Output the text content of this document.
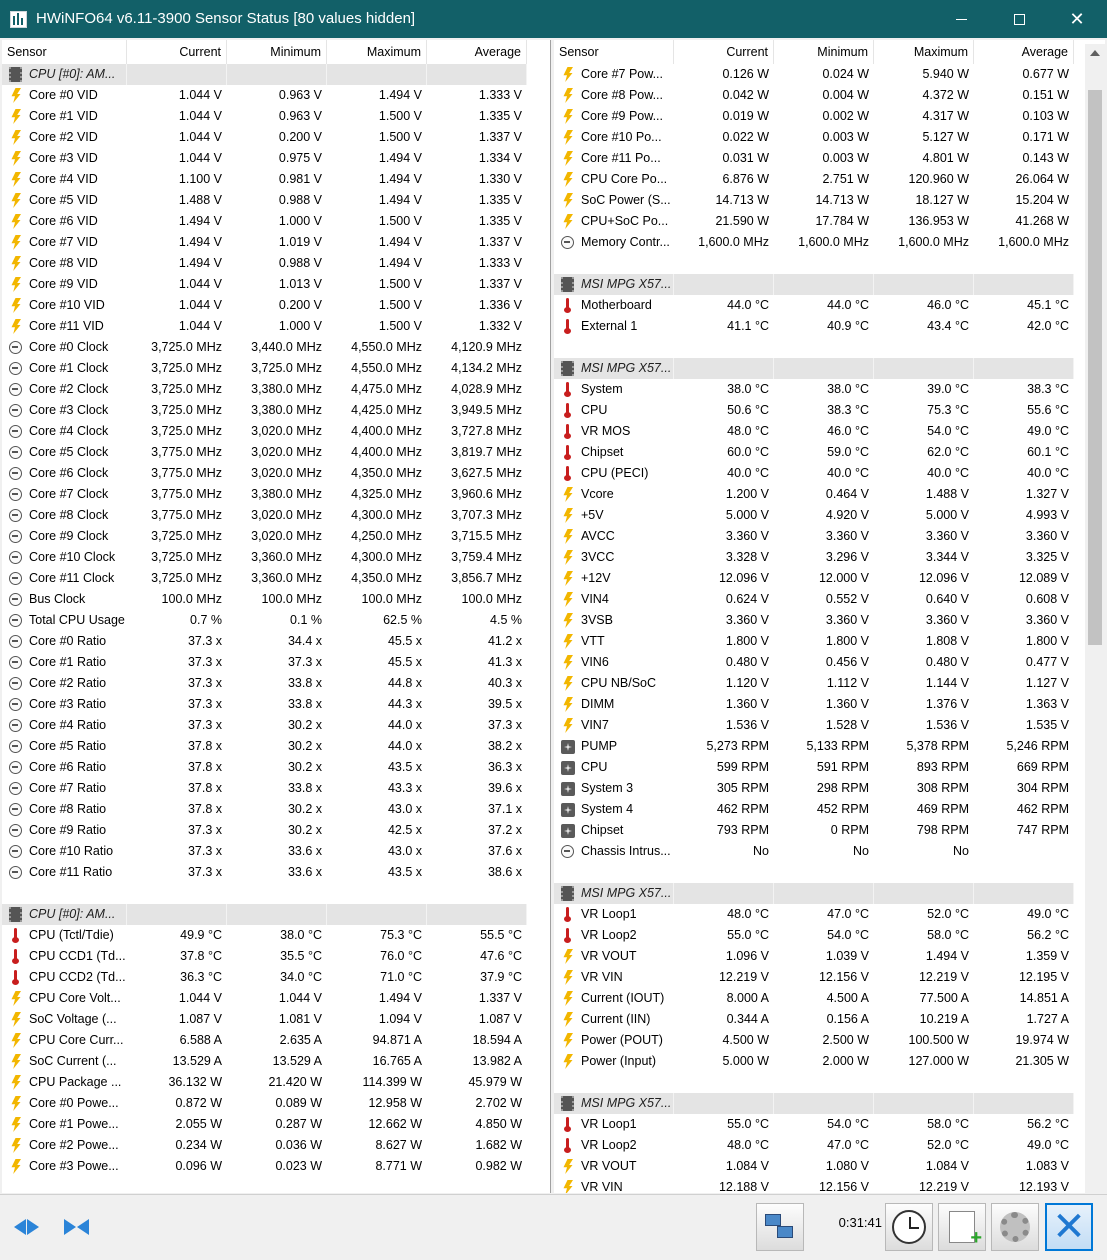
HWiNFO64 v6.11-3900 Sensor Status [80 values hidden]	✕
Sensor	Current	Minimum	Maximum	Average
CPU [#0]: AM...
Core #0 VID	1.044 V	0.963 V	1.494 V	1.333 V
Core #1 VID	1.044 V	0.963 V	1.500 V	1.335 V
Core #2 VID	1.044 V	0.200 V	1.500 V	1.337 V
Core #3 VID	1.044 V	0.975 V	1.494 V	1.334 V
Core #4 VID	1.100 V	0.981 V	1.494 V	1.330 V
Core #5 VID	1.488 V	0.988 V	1.494 V	1.335 V
Core #6 VID	1.494 V	1.000 V	1.500 V	1.335 V
Core #7 VID	1.494 V	1.019 V	1.494 V	1.337 V
Core #8 VID	1.494 V	0.988 V	1.494 V	1.333 V
Core #9 VID	1.044 V	1.013 V	1.500 V	1.337 V
Core #10 VID	1.044 V	0.200 V	1.500 V	1.336 V
Core #11 VID	1.044 V	1.000 V	1.500 V	1.332 V
Core #0 Clock	3,725.0 MHz	3,440.0 MHz	4,550.0 MHz	4,120.9 MHz
Core #1 Clock	3,725.0 MHz	3,725.0 MHz	4,550.0 MHz	4,134.2 MHz
Core #2 Clock	3,725.0 MHz	3,380.0 MHz	4,475.0 MHz	4,028.9 MHz
Core #3 Clock	3,725.0 MHz	3,380.0 MHz	4,425.0 MHz	3,949.5 MHz
Core #4 Clock	3,725.0 MHz	3,020.0 MHz	4,400.0 MHz	3,727.8 MHz
Core #5 Clock	3,775.0 MHz	3,020.0 MHz	4,400.0 MHz	3,819.7 MHz
Core #6 Clock	3,775.0 MHz	3,020.0 MHz	4,350.0 MHz	3,627.5 MHz
Core #7 Clock	3,775.0 MHz	3,380.0 MHz	4,325.0 MHz	3,960.6 MHz
Core #8 Clock	3,775.0 MHz	3,020.0 MHz	4,300.0 MHz	3,707.3 MHz
Core #9 Clock	3,725.0 MHz	3,020.0 MHz	4,250.0 MHz	3,715.5 MHz
Core #10 Clock	3,725.0 MHz	3,360.0 MHz	4,300.0 MHz	3,759.4 MHz
Core #11 Clock	3,725.0 MHz	3,360.0 MHz	4,350.0 MHz	3,856.7 MHz
Bus Clock	100.0 MHz	100.0 MHz	100.0 MHz	100.0 MHz
Total CPU Usage	0.7 %	0.1 %	62.5 %	4.5 %
Core #0 Ratio	37.3 x	34.4 x	45.5 x	41.2 x
Core #1 Ratio	37.3 x	37.3 x	45.5 x	41.3 x
Core #2 Ratio	37.3 x	33.8 x	44.8 x	40.3 x
Core #3 Ratio	37.3 x	33.8 x	44.3 x	39.5 x
Core #4 Ratio	37.3 x	30.2 x	44.0 x	37.3 x
Core #5 Ratio	37.8 x	30.2 x	44.0 x	38.2 x
Core #6 Ratio	37.8 x	30.2 x	43.5 x	36.3 x
Core #7 Ratio	37.8 x	33.8 x	43.3 x	39.6 x
Core #8 Ratio	37.8 x	30.2 x	43.0 x	37.1 x
Core #9 Ratio	37.3 x	30.2 x	42.5 x	37.2 x
Core #10 Ratio	37.3 x	33.6 x	43.0 x	37.6 x
Core #11 Ratio	37.3 x	33.6 x	43.5 x	38.6 x
CPU [#0]: AM...
CPU (Tctl/Tdie)	49.9 °C	38.0 °C	75.3 °C	55.5 °C
CPU CCD1 (Td...	37.8 °C	35.5 °C	76.0 °C	47.6 °C
CPU CCD2 (Td...	36.3 °C	34.0 °C	71.0 °C	37.9 °C
CPU Core Volt...	1.044 V	1.044 V	1.494 V	1.337 V
SoC Voltage (...	1.087 V	1.081 V	1.094 V	1.087 V
CPU Core Curr...	6.588 A	2.635 A	94.871 A	18.594 A
SoC Current (...	13.529 A	13.529 A	16.765 A	13.982 A
CPU Package ...	36.132 W	21.420 W	114.399 W	45.979 W
Core #0 Powe...	0.872 W	0.089 W	12.958 W	2.702 W
Core #1 Powe...	2.055 W	0.287 W	12.662 W	4.850 W
Core #2 Powe...	0.234 W	0.036 W	8.627 W	1.682 W
Core #3 Powe...	0.096 W	0.023 W	8.771 W	0.982 W
Sensor	Current	Minimum	Maximum	Average
Core #7 Pow...	0.126 W	0.024 W	5.940 W	0.677 W
Core #8 Pow...	0.042 W	0.004 W	4.372 W	0.151 W
Core #9 Pow...	0.019 W	0.002 W	4.317 W	0.103 W
Core #10 Po...	0.022 W	0.003 W	5.127 W	0.171 W
Core #11 Po...	0.031 W	0.003 W	4.801 W	0.143 W
CPU Core Po...	6.876 W	2.751 W	120.960 W	26.064 W
SoC Power (S...	14.713 W	14.713 W	18.127 W	15.204 W
CPU+SoC Po...	21.590 W	17.784 W	136.953 W	41.268 W
Memory Contr...	1,600.0 MHz	1,600.0 MHz	1,600.0 MHz	1,600.0 MHz
MSI MPG X57...
Motherboard	44.0 °C	44.0 °C	46.0 °C	45.1 °C
External 1	41.1 °C	40.9 °C	43.4 °C	42.0 °C
MSI MPG X57...
System	38.0 °C	38.0 °C	39.0 °C	38.3 °C
CPU	50.6 °C	38.3 °C	75.3 °C	55.6 °C
VR MOS	48.0 °C	46.0 °C	54.0 °C	49.0 °C
Chipset	60.0 °C	59.0 °C	62.0 °C	60.1 °C
CPU (PECI)	40.0 °C	40.0 °C	40.0 °C	40.0 °C
Vcore	1.200 V	0.464 V	1.488 V	1.327 V
+5V	5.000 V	4.920 V	5.000 V	4.993 V
AVCC	3.360 V	3.360 V	3.360 V	3.360 V
3VCC	3.328 V	3.296 V	3.344 V	3.325 V
+12V	12.096 V	12.000 V	12.096 V	12.089 V
VIN4	0.624 V	0.552 V	0.640 V	0.608 V
3VSB	3.360 V	3.360 V	3.360 V	3.360 V
VTT	1.800 V	1.800 V	1.808 V	1.800 V
VIN6	0.480 V	0.456 V	0.480 V	0.477 V
CPU NB/SoC	1.120 V	1.112 V	1.144 V	1.127 V
DIMM	1.360 V	1.360 V	1.376 V	1.363 V
VIN7	1.536 V	1.528 V	1.536 V	1.535 V
PUMP	5,273 RPM	5,133 RPM	5,378 RPM	5,246 RPM
CPU	599 RPM	591 RPM	893 RPM	669 RPM
System 3	305 RPM	298 RPM	308 RPM	304 RPM
System 4	462 RPM	452 RPM	469 RPM	462 RPM
Chipset	793 RPM	0 RPM	798 RPM	747 RPM
Chassis Intrus...	No	No	No
MSI MPG X57...
VR Loop1	48.0 °C	47.0 °C	52.0 °C	49.0 °C
VR Loop2	55.0 °C	54.0 °C	58.0 °C	56.2 °C
VR VOUT	1.096 V	1.039 V	1.494 V	1.359 V
VR VIN	12.219 V	12.156 V	12.219 V	12.195 V
Current (IOUT)	8.000 A	4.500 A	77.500 A	14.851 A
Current (IIN)	0.344 A	0.156 A	10.219 A	1.727 A
Power (POUT)	4.500 W	2.500 W	100.500 W	19.974 W
Power (Input)	5.000 W	2.000 W	127.000 W	21.305 W
MSI MPG X57...
VR Loop1	55.0 °C	54.0 °C	58.0 °C	56.2 °C
VR Loop2	48.0 °C	47.0 °C	52.0 °C	49.0 °C
VR VOUT	1.084 V	1.080 V	1.084 V	1.083 V
VR VIN	12.188 V	12.156 V	12.219 V	12.193 V
0:31:41
+	✕
